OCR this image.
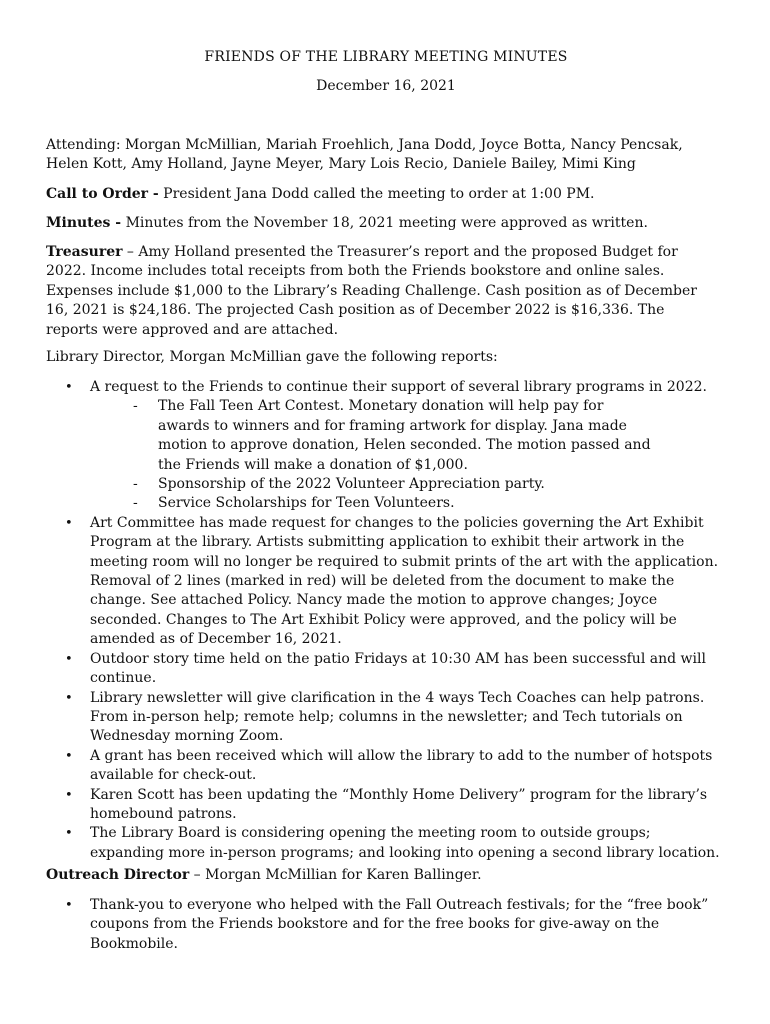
FRIENDS OF THE LIBRARY MEETING MINUTES

December 16, 2021

Attending: Morgan McMillian, Mariah Froehlich, Jana Dodd, Joyce Botta, Nancy Pencsak, Helen Kott, Amy Holland, Jayne Meyer, Mary Lois Recio, Daniele Bailey, Mimi King

Call to Order - President Jana Dodd called the meeting to order at 1:00 PM.

Minutes - Minutes from the November 18, 2021 meeting were approved as written.

Treasurer – Amy Holland presented the Treasurer’s report and the proposed Budget for 2022. Income includes total receipts from both the Friends bookstore and online sales. Expenses include $1,000 to the Library’s Reading Challenge. Cash position as of December 16, 2021 is $24,186. The projected Cash position as of December 2022 is $16,336. The reports were approved and are attached.

Library Director, Morgan McMillian gave the following reports:

• A request to the Friends to continue their support of several library programs in 2022.
- The Fall Teen Art Contest. Monetary donation will help pay for awards to winners and for framing artwork for display. Jana made motion to approve donation, Helen seconded. The motion passed and the Friends will make a donation of $1,000.
- Sponsorship of the 2022 Volunteer Appreciation party.
- Service Scholarships for Teen Volunteers.
• Art Committee has made request for changes to the policies governing the Art Exhibit Program at the library. Artists submitting application to exhibit their artwork in the meeting room will no longer be required to submit prints of the art with the application. Removal of 2 lines (marked in red) will be deleted from the document to make the change. See attached Policy. Nancy made the motion to approve changes; Joyce seconded. Changes to The Art Exhibit Policy were approved, and the policy will be amended as of December 16, 2021.
• Outdoor story time held on the patio Fridays at 10:30 AM has been successful and will continue.
• Library newsletter will give clarification in the 4 ways Tech Coaches can help patrons. From in-person help; remote help; columns in the newsletter; and Tech tutorials on Wednesday morning Zoom.
• A grant has been received which will allow the library to add to the number of hotspots available for check-out.
• Karen Scott has been updating the “Monthly Home Delivery” program for the library’s homebound patrons.
• The Library Board is considering opening the meeting room to outside groups; expanding more in-person programs; and looking into opening a second library location.

Outreach Director – Morgan McMillian for Karen Ballinger.

• Thank-you to everyone who helped with the Fall Outreach festivals; for the “free book” coupons from the Friends bookstore and for the free books for give-away on the Bookmobile.
